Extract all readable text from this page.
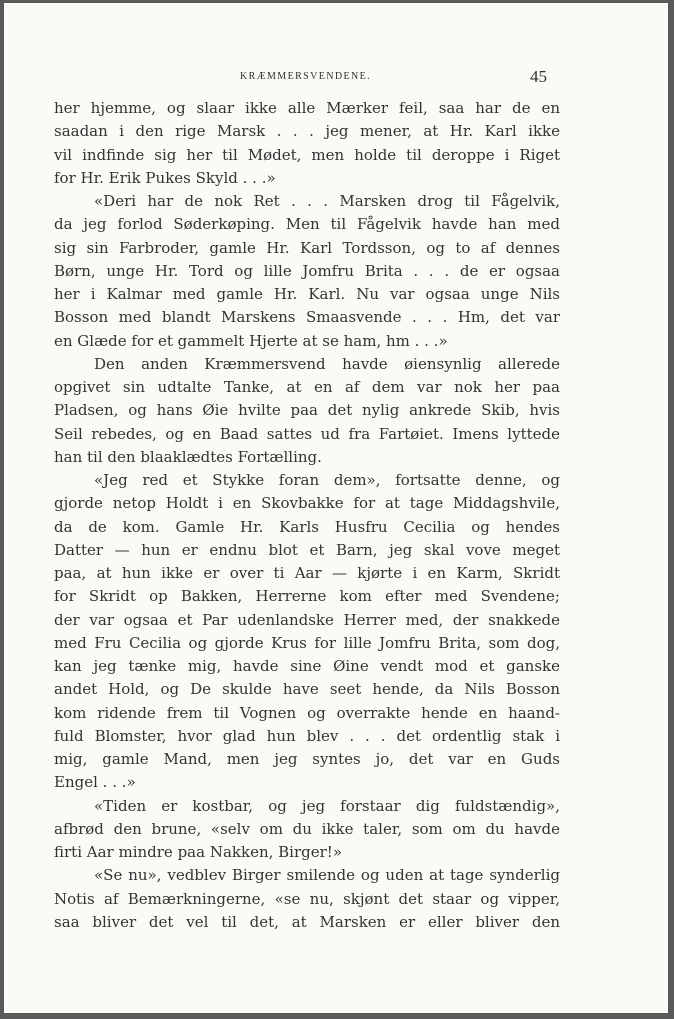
KRÆMMERSVENDENE.	45
her hjemme, og slaar ikke alle Mærker feil, saa har de en
saadan i den rige Marsk . . . jeg mener, at Hr. Karl ikke
vil indfinde sig her til Mødet, men holde til deroppe i Riget
for Hr. Erik Pukes Skyld . . .»
«Deri har de nok Ret . . . Marsken drog til Fågelvik,
da jeg forlod Søderkøping. Men til Fågelvik havde han med
sig sin Farbroder, gamle Hr. Karl Tordsson, og to af dennes
Børn, unge Hr. Tord og lille Jomfru Brita . . . de er ogsaa
her i Kalmar med gamle Hr. Karl. Nu var ogsaa unge Nils
Bosson med blandt Marskens Smaasvende . . . Hm, det var
en Glæde for et gammelt Hjerte at se ham, hm . . .»
Den anden Kræmmersvend havde øiensynlig allerede
opgivet sin udtalte Tanke, at en af dem var nok her paa
Pladsen, og hans Øie hvilte paa det nylig ankrede Skib, hvis
Seil rebedes, og en Baad sattes ud fra Fartøiet. Imens lyttede
han til den blaaklædtes Fortælling.
«Jeg red et Stykke foran dem», fortsatte denne, og
gjorde netop Holdt i en Skovbakke for at tage Middagshvile,
da de kom. Gamle Hr. Karls Husfru Cecilia og hendes
Datter — hun er endnu blot et Barn, jeg skal vove meget
paa, at hun ikke er over ti Aar — kjørte i en Karm, Skridt
for Skridt op Bakken, Herrerne kom efter med Svendene;
der var ogsaa et Par udenlandske Herrer med, der snakkede
med Fru Cecilia og gjorde Krus for lille Jomfru Brita, som dog,
kan jeg tænke mig, havde sine Øine vendt mod et ganske
andet Hold, og De skulde have seet hende, da Nils Bosson
kom ridende frem til Vognen og overrakte hende en haand-
fuld Blomster, hvor glad hun blev . . . det ordentlig stak i
mig, gamle Mand, men jeg syntes jo, det var en Guds
Engel . . .»
«Tiden er kostbar, og jeg forstaar dig fuldstændig»,
afbrød den brune, «selv om du ikke taler, som om du havde
firti Aar mindre paa Nakken, Birger!»
«Se nu», vedblev Birger smilende og uden at tage synderlig
Notis af Bemærkningerne, «se nu, skjønt det staar og vipper,
saa bliver det vel til det, at Marsken er eller bliver den
